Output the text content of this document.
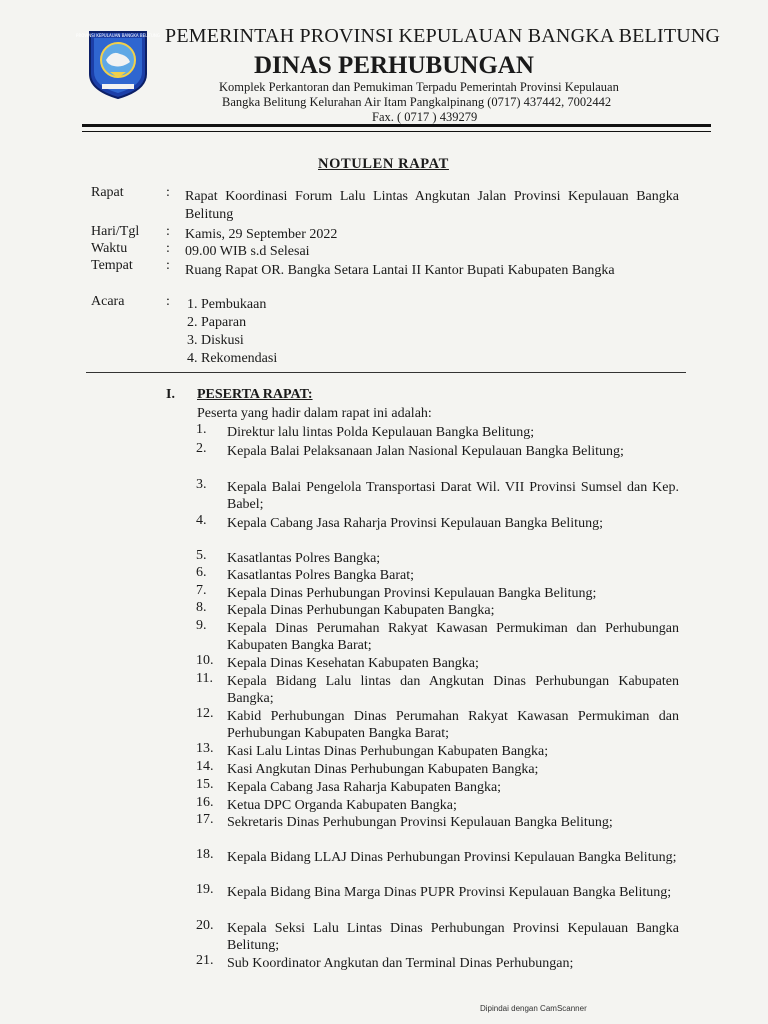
PROVINSI KEPULAUAN BANGKA BELITUNG PEMERINTAH PROVINSI KEPULAUAN BANGKA BELITUNG
DINAS PERHUBUNGAN
Komplek Perkantoran dan Pemukiman Terpadu Pemerintah Provinsi Kepulauan
Bangka Belitung Kelurahan Air Itam Pangkalpinang (0717) 437442, 7002442
Fax. ( 0717 ) 439279
NOTULEN RAPAT
Rapat	: Rapat Koordinasi Forum Lalu Lintas Angkutan Jalan Provinsi Kepulauan Bangka Belitung
Hari/Tgl : Kamis, 29 September 2022
Waktu	: 09.00 WIB s.d Selesai
Tempat : Ruang Rapat OR. Bangka Setara Lantai II Kantor Bupati Kabupaten Bangka
Acara	: 1. Pembukaan
2. Paparan
3. Diskusi
4. Rekomendasi
I. PESERTA RAPAT:
Peserta yang hadir dalam rapat ini adalah:
1.	Direktur lalu lintas Polda Kepulauan Bangka Belitung;
2.	Kepala Balai Pelaksanaan Jalan Nasional Kepulauan Bangka Belitung;
3.	Kepala Balai Pengelola Transportasi Darat Wil. VII Provinsi Sumsel dan Kep. Babel;
4.	Kepala Cabang Jasa Raharja Provinsi Kepulauan Bangka Belitung;
5.	Kasatlantas Polres Bangka;
6.	Kasatlantas Polres Bangka Barat;
7.	Kepala Dinas Perhubungan Provinsi Kepulauan Bangka Belitung;
8.	Kepala Dinas Perhubungan Kabupaten Bangka;
9.	Kepala Dinas Perumahan Rakyat Kawasan Permukiman dan Perhubungan Kabupaten Bangka Barat;
10. Kepala Dinas Kesehatan Kabupaten Bangka;
11.	Kepala Bidang Lalu lintas dan Angkutan Dinas Perhubungan Kabupaten Bangka;
12. Kabid Perhubungan Dinas Perumahan Rakyat Kawasan Permukiman dan Perhubungan Kabupaten Bangka Barat;
13. Kasi Lalu Lintas Dinas Perhubungan Kabupaten Bangka;
14. Kasi Angkutan Dinas Perhubungan Kabupaten Bangka;
15. Kepala Cabang Jasa Raharja Kabupaten Bangka;
16. Ketua DPC Organda Kabupaten Bangka;
17. Sekretaris Dinas Perhubungan Provinsi Kepulauan Bangka Belitung;
18. Kepala Bidang LLAJ Dinas Perhubungan Provinsi Kepulauan Bangka Belitung;
19. Kepala Bidang Bina Marga Dinas PUPR Provinsi Kepulauan Bangka Belitung;
20. Kepala Seksi Lalu Lintas Dinas Perhubungan Provinsi Kepulauan Bangka Belitung;
21. Sub Koordinator Angkutan dan Terminal Dinas Perhubungan;
Dipindai dengan CamScanner
